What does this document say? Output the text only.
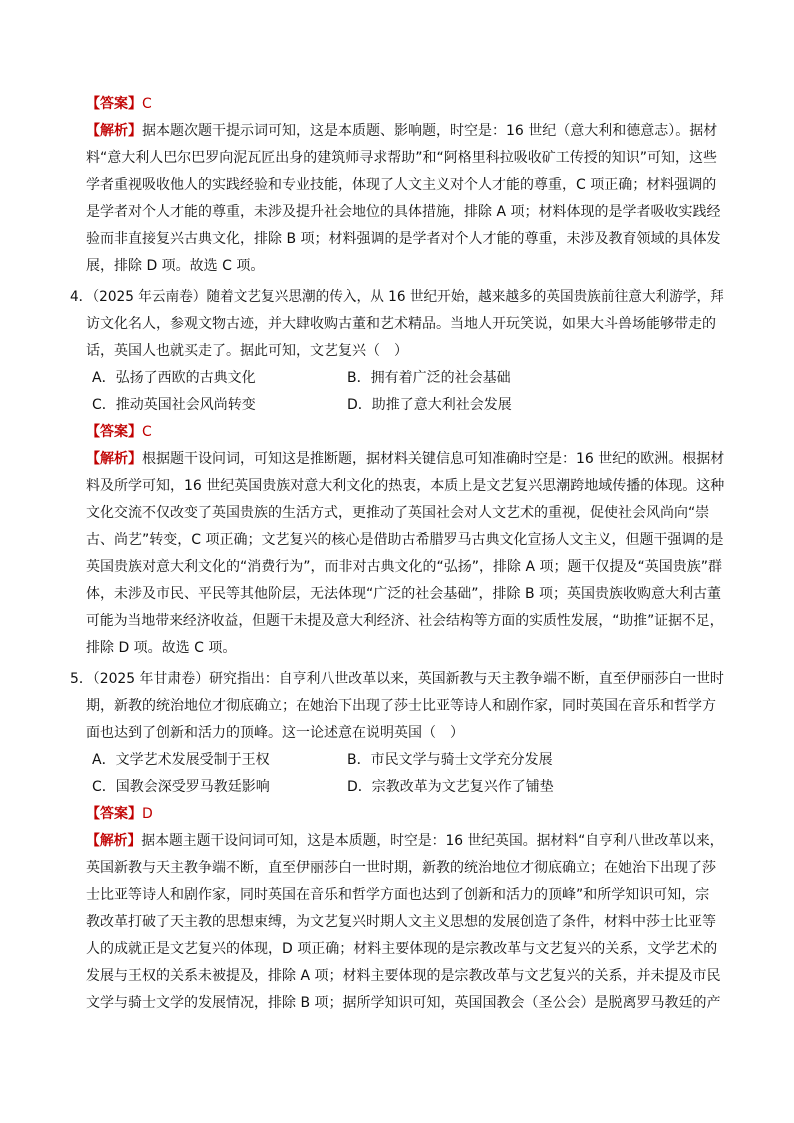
【答案】C
【解析】据本题次题干提示词可知，这是本质题、影响题，时空是：16 世纪（意大利和德意志）。据材
料“意大利人巴尔巴罗向泥瓦匠出身的建筑师寻求帮助”和“阿格里科拉吸收矿工传授的知识”可知，这些
学者重视吸收他人的实践经验和专业技能，体现了人文主义对个人才能的尊重，C 项正确；材料强调的
是学者对个人才能的尊重，未涉及提升社会地位的具体措施，排除 A 项；材料体现的是学者吸收实践经
验而非直接复兴古典文化，排除 B 项；材料强调的是学者对个人才能的尊重，未涉及教育领域的具体发
展，排除 D 项。故选 C 项。
4．（2025 年云南卷）随着文艺复兴思潮的传入，从 16 世纪开始，越来越多的英国贵族前往意大利游学，拜
访文化名人，参观文物古迹，并大肆收购古董和艺术精品。当地人开玩笑说，如果大斗兽场能够带走的
话，英国人也就买走了。据此可知，文艺复兴（　）
A．弘扬了西欧的古典文化	B．拥有着广泛的社会基础
C．推动英国社会风尚转变	D．助推了意大利社会发展
【答案】C
【解析】根据题干设问词，可知这是推断题，据材料关键信息可知准确时空是：16 世纪的欧洲。根据材
料及所学可知，16 世纪英国贵族对意大利文化的热衷，本质上是文艺复兴思潮跨地域传播的体现。这种
文化交流不仅改变了英国贵族的生活方式，更推动了英国社会对人文艺术的重视，促使社会风尚向“崇
古、尚艺”转变，C 项正确；文艺复兴的核心是借助古希腊罗马古典文化宣扬人文主义，但题干强调的是
英国贵族对意大利文化的“消费行为”，而非对古典文化的“弘扬”，排除 A 项；题干仅提及“英国贵族”群
体，未涉及市民、平民等其他阶层，无法体现“广泛的社会基础”，排除 B 项；英国贵族收购意大利古董
可能为当地带来经济收益，但题干未提及意大利经济、社会结构等方面的实质性发展，“助推”证据不足，
排除 D 项。故选 C 项。
5．（2025 年甘肃卷）研究指出：自亨利八世改革以来，英国新教与天主教争端不断，直至伊丽莎白一世时
期，新教的统治地位才彻底确立；在她治下出现了莎士比亚等诗人和剧作家，同时英国在音乐和哲学方
面也达到了创新和活力的顶峰。这一论述意在说明英国（　）
A．文学艺术发展受制于王权	B．市民文学与骑士文学充分发展
C．国教会深受罗马教廷影响	D．宗教改革为文艺复兴作了铺垫
【答案】D
【解析】据本题主题干设问词可知，这是本质题，时空是：16 世纪英国。据材料“自亨利八世改革以来，
英国新教与天主教争端不断，直至伊丽莎白一世时期，新教的统治地位才彻底确立；在她治下出现了莎
士比亚等诗人和剧作家，同时英国在音乐和哲学方面也达到了创新和活力的顶峰”和所学知识可知，宗
教改革打破了天主教的思想束缚，为文艺复兴时期人文主义思想的发展创造了条件，材料中莎士比亚等
人的成就正是文艺复兴的体现，D 项正确；材料主要体现的是宗教改革与文艺复兴的关系，文学艺术的
发展与王权的关系未被提及，排除 A 项；材料主要体现的是宗教改革与文艺复兴的关系，并未提及市民
文学与骑士文学的发展情况，排除 B 项；据所学知识可知，英国国教会（圣公会）是脱离罗马教廷的产
